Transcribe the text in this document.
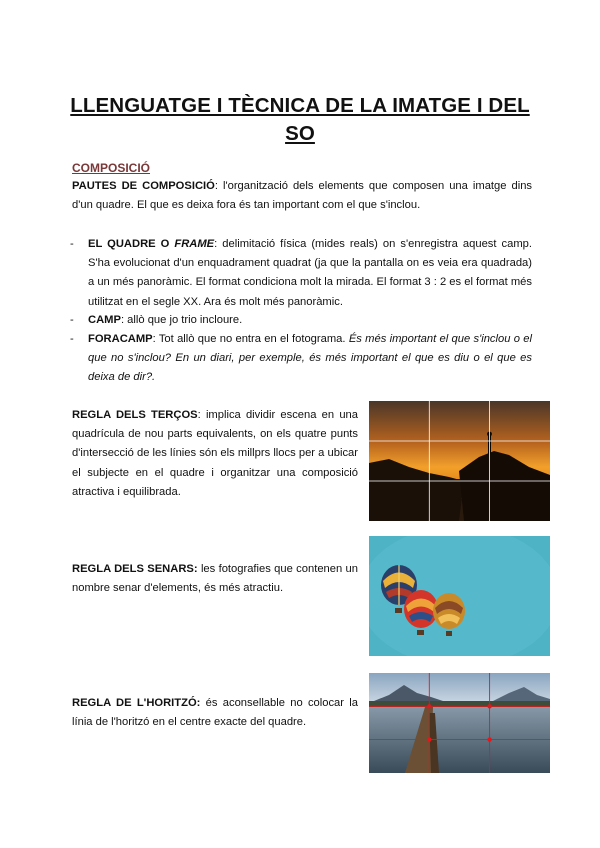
LLENGUATGE I TÈCNICA DE LA IMATGE I DEL SO
COMPOSICIÓ
PAUTES DE COMPOSICIÓ: l'organització dels elements que composen una imatge dins d'un quadre. El que es deixa fora és tan important com el que s'inclou.
- EL QUADRE O FRAME: delimitació física (mides reals) on s'enregistra aquest camp. S'ha evolucionat d'un enquadrament quadrat (ja que la pantalla on es veia era quadrada) a un més panoràmic. El format condiciona molt la mirada. El format 3 : 2 es el format més utilitzat en el segle XX. Ara és molt més panoràmic.
- CAMP: allò que jo trio incloure.
- FORACAMP: Tot allò que no entra en el fotograma. És més important el que s'inclou o el que no s'inclou? En un diari, per exemple, és més important el que es diu o el que es deixa de dir?.
REGLA DELS TERÇOS: implica dividir escena en una quadrícula de nou parts equivalents, on els quatre punts d'intersecció de les línies són els millprs llocs per a ubicar el subjecte en el quadre i organitzar una composició atractiva i equilibrada.
REGLA DELS SENARS: les fotografies que contenen un nombre senar d'elements, és més atractiu.
REGLA DE L'HORITZÓ: és aconsellable no colocar la línia de l'horitzó en el centre exacte del quadre.
